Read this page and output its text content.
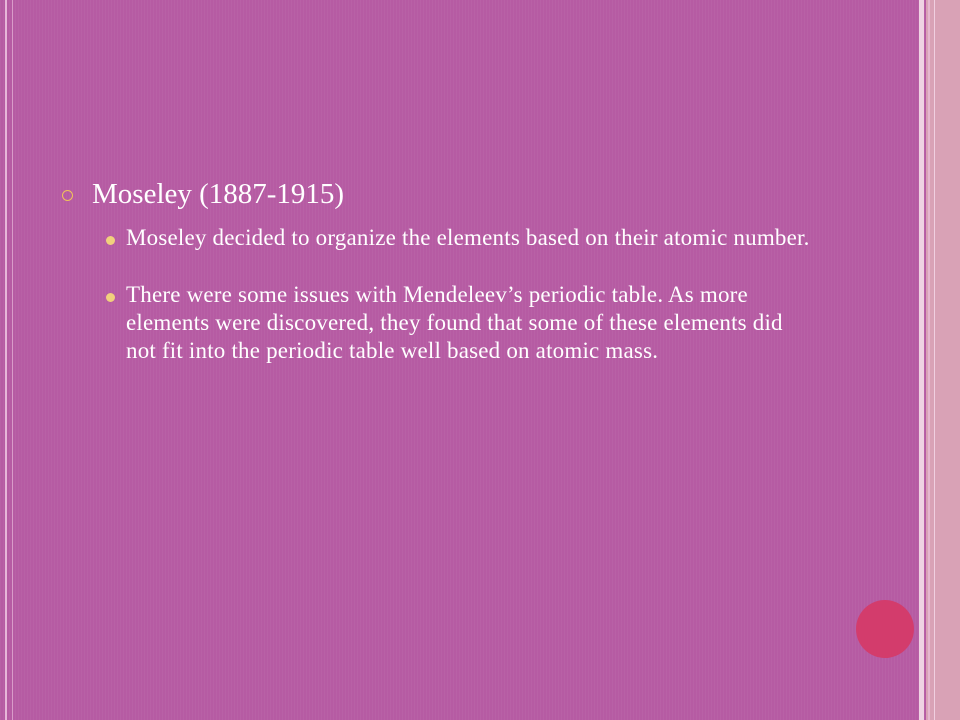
Moseley (1887-1915)
Moseley decided to organize the elements based on their atomic number.
There were some issues with Mendeleev’s periodic table. As more elements were discovered, they found that some of these elements did not fit into the periodic table well based on atomic mass.
